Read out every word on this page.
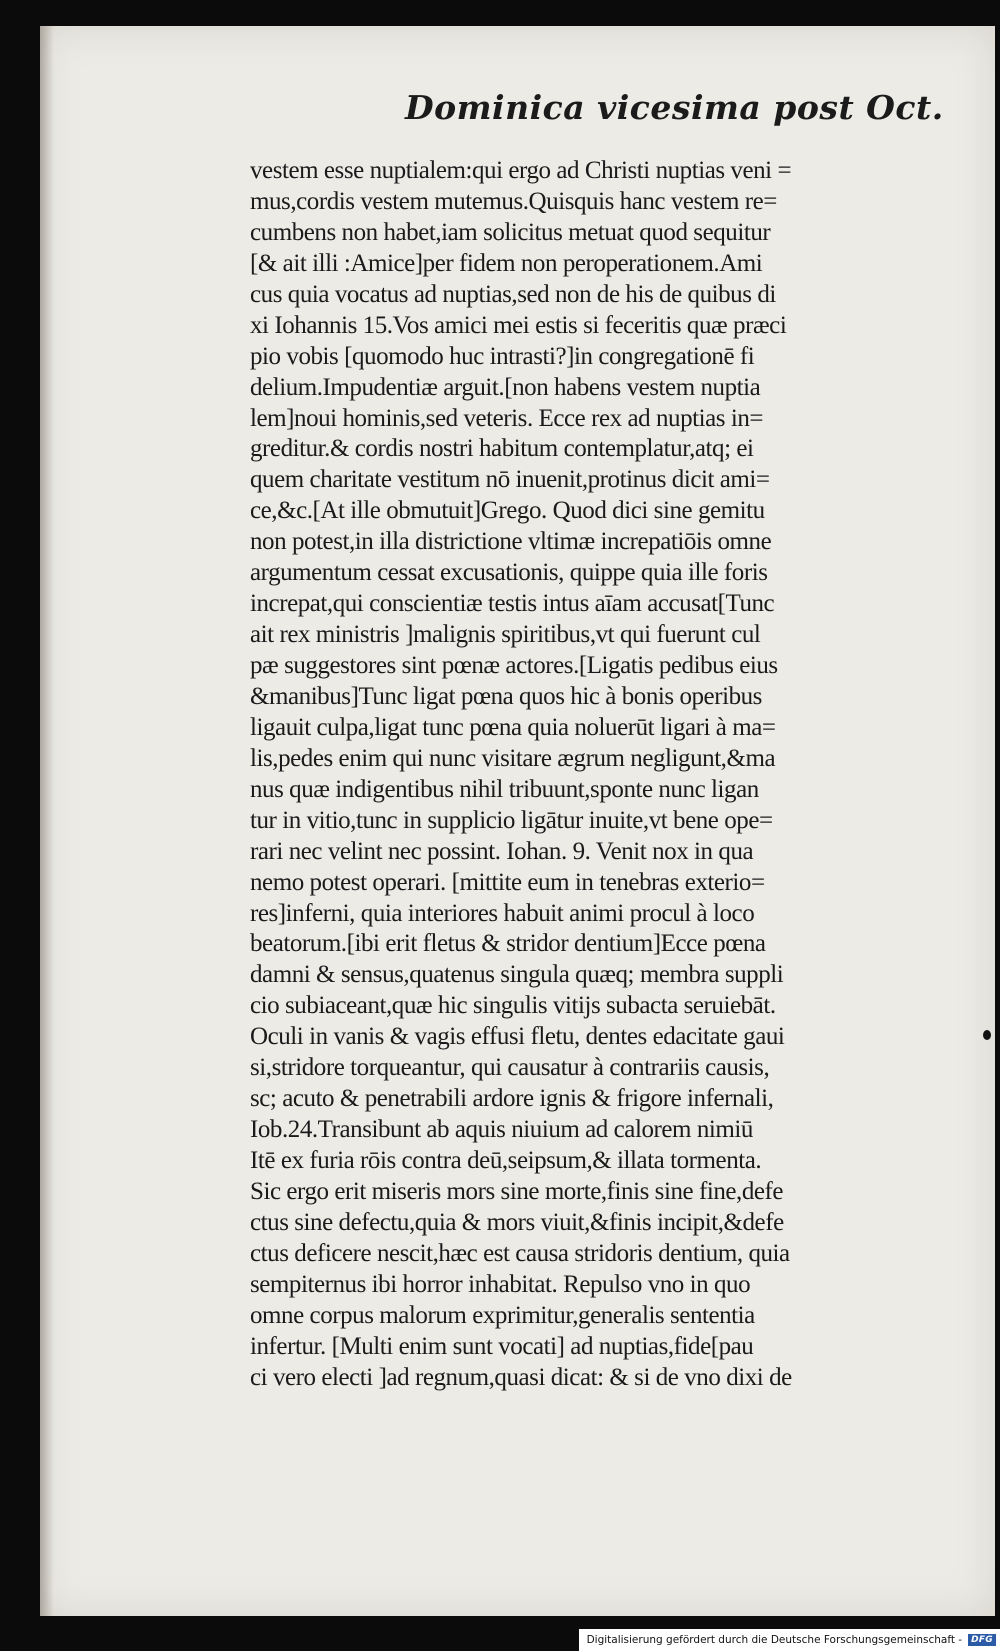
Dominica vicesima post Oct.
vestem esse nuptialem:qui ergo ad Christi nuptias veni =
mus,cordis vestem mutemus.Quisquis hanc vestem re=
cumbens non habet,iam solicitus metuat quod sequitur
[& ait illi :Amice]per fidem non peroperationem.Ami
cus quia vocatus ad nuptias,sed non de his de quibus di
xi Iohannis 15.Vos amici mei estis si feceritis quæ præci
pio vobis [quomodo huc intrasti?]in congregationē fi
delium.Impudentiæ arguit.[non habens vestem nuptia
lem]noui hominis,sed veteris. Ecce rex ad nuptias in=
greditur.& cordis nostri habitum contemplatur,atq; ei
quem charitate vestitum nō inuenit,protinus dicit ami=
ce,&c.[At ille obmutuit]Grego. Quod dici sine gemitu
non potest,in illa districtione vltimæ increpatiōis omne
argumentum cessat excusationis, quippe quia ille foris
increpat,qui conscientiæ testis intus aīam accusat[Tunc
ait rex ministris ]malignis spiritibus,vt qui fuerunt cul
pæ suggestores sint pœnæ actores.[Ligatis pedibus eius
&manibus]Tunc ligat pœna quos hic à bonis operibus
ligauit culpa,ligat tunc pœna quia noluerūt ligari à ma=
lis,pedes enim qui nunc visitare ægrum negligunt,&ma
nus quæ indigentibus nihil tribuunt,sponte nunc ligan
tur in vitio,tunc in supplicio ligātur inuite,vt bene ope=
rari nec velint nec possint. Iohan. 9. Venit nox in qua
nemo potest operari. [mittite eum in tenebras exterio=
res]inferni, quia interiores habuit animi procul à loco
beatorum.[ibi erit fletus & stridor dentium]Ecce pœna
damni & sensus,quatenus singula quæq; membra suppli
cio subiaceant,quæ hic singulis vitijs subacta seruiebāt.
Oculi in vanis & vagis effusi fletu, dentes edacitate gaui
si,stridore torqueantur, qui causatur à contrariis causis,
sc; acuto & penetrabili ardore ignis & frigore infernali,
Iob.24.Transibunt ab aquis niuium ad calorem nimiū
Itē ex furia rōis contra deū,seipsum,& illata tormenta.
Sic ergo erit miseris mors sine morte,finis sine fine,defe
ctus sine defectu,quia & mors viuit,&finis incipit,&defe
ctus deficere nescit,hæc est causa stridoris dentium, quia
sempiternus ibi horror inhabitat. Repulso vno in quo
omne corpus malorum exprimitur,generalis sententia
infertur. [Multi enim sunt vocati] ad nuptias,fide[pau
ci vero electi ]ad regnum,quasi dicat: & si de vno dixi de
Digitalisierung gefördert durch die Deutsche Forschungsgemeinschaft -	DFG
